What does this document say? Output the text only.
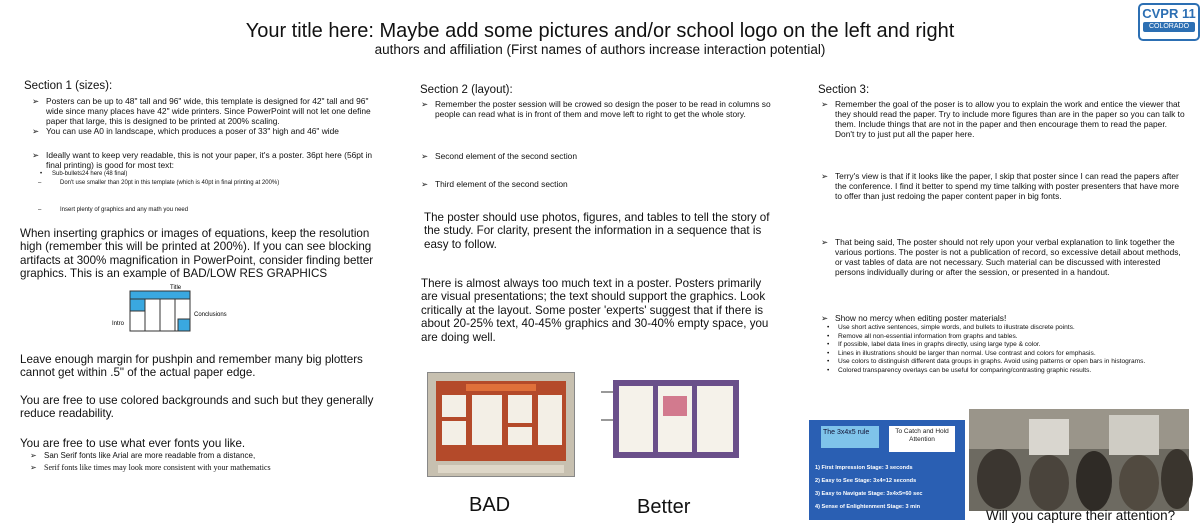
Your title here: Maybe add some pictures and/or school logo on the left and right
authors and affiliation (First names of authors increase interaction potential)
CVPR 11
COLORADO
Section 1 (sizes):
➢ Posters can be up to 48" tall and 96" wide, this template is designed for 42" tall and 96" wide since many places have 42" wide printers. Since PowerPoint will not let one define paper that large, this is designed to be printed at 200% scaling.
➢ You can use A0 in landscape, which produces a poser of 33" high and 46" wide
➢ Ideally want to keep very readable, this is not your paper, it's a poster. 36pt here (56pt in final printing) is good for most text:
• Sub-bullets24 here (48 final)
–	Don't use smaller than 20pt in this template (which is 40pt in final printing at 200%)
–	Insert plenty of graphics and any math you need
When inserting graphics or images of equations, keep the resolution high (remember this will be printed at 200%). If you can see blocking artifacts at 300% magnification in PowerPoint, consider finding better graphics. This is an example of BAD/LOW RES GRAPHICS
Title
Intro
Conclusions
Leave enough margin for pushpin and remember many big plotters cannot get within .5" of the actual paper edge.
You are free to use colored backgrounds and such but they generally reduce readability.
You are free to use what ever fonts you like.
➢ San Serif fonts like Arial are more readable from a distance,
➢ Serif fonts like times may look more consistent with your mathematics
Section 2 (layout):
➢ Remember the poster session will be crowed so design the poser to be read in columns so people can read what is in front of them and move left to right to get the whole story.
➢ Second element of the second section
➢ Third element of the second section
The poster should use photos, figures, and tables to tell the story of the study. For clarity, present the information in a sequence that is easy to follow.
There is almost always too much text in a poster. Posters primarily are visual presentations; the text should support the graphics. Look critically at the layout. Some poster 'experts' suggest that if there is about 20-25% text, 40-45% graphics and 30-40% empty space, you are doing well.
BAD	Better
Section 3:
➢ Remember the goal of the poser is to allow you to explain the work and entice the viewer that they should read the paper. Try to include more figures than are in the paper so you can talk to them. Include things that are not in the paper and then encourage them to read the paper. Don't try to just put all the paper here.
➢ Terry's view is that if it looks like the paper, I skip that poster since I can read the papers after the conference. I find it better to spend my time talking with poster presenters that have more to offer than just redoing the paper content paper in big fonts.
➢ That being said, The poster should not rely upon your verbal explanation to link together the various portions. The poster is not a publication of record, so excessive detail about methods, or vast tables of data are not necessary. Such material can be discussed with interested persons individually during or after the session, or presented in a handout.
➢ Show no mercy when editing poster materials!
• Use short active sentences, simple words, and bullets to illustrate discrete points.
• Remove all non-essential information from graphs and tables.
• If possible, label data lines in graphs directly, using large type & color.
• Lines in illustrations should be larger than normal. Use contrast and colors for emphasis.
• Use colors to distinguish different data groups in graphs. Avoid using patterns or open bars in histograms.
• Colored transparency overlays can be useful for comparing/contrasting graphic results.
The 3x4x5 rule	To Catch and Hold Attention
1) First Impression Stage: 3 seconds
2) Easy to See Stage: 3x4=12 seconds
3) Easy to Navigate Stage: 3x4x5=60 sec
4) Sense of Enlightenment Stage: 3 min
Will you capture their attention?
